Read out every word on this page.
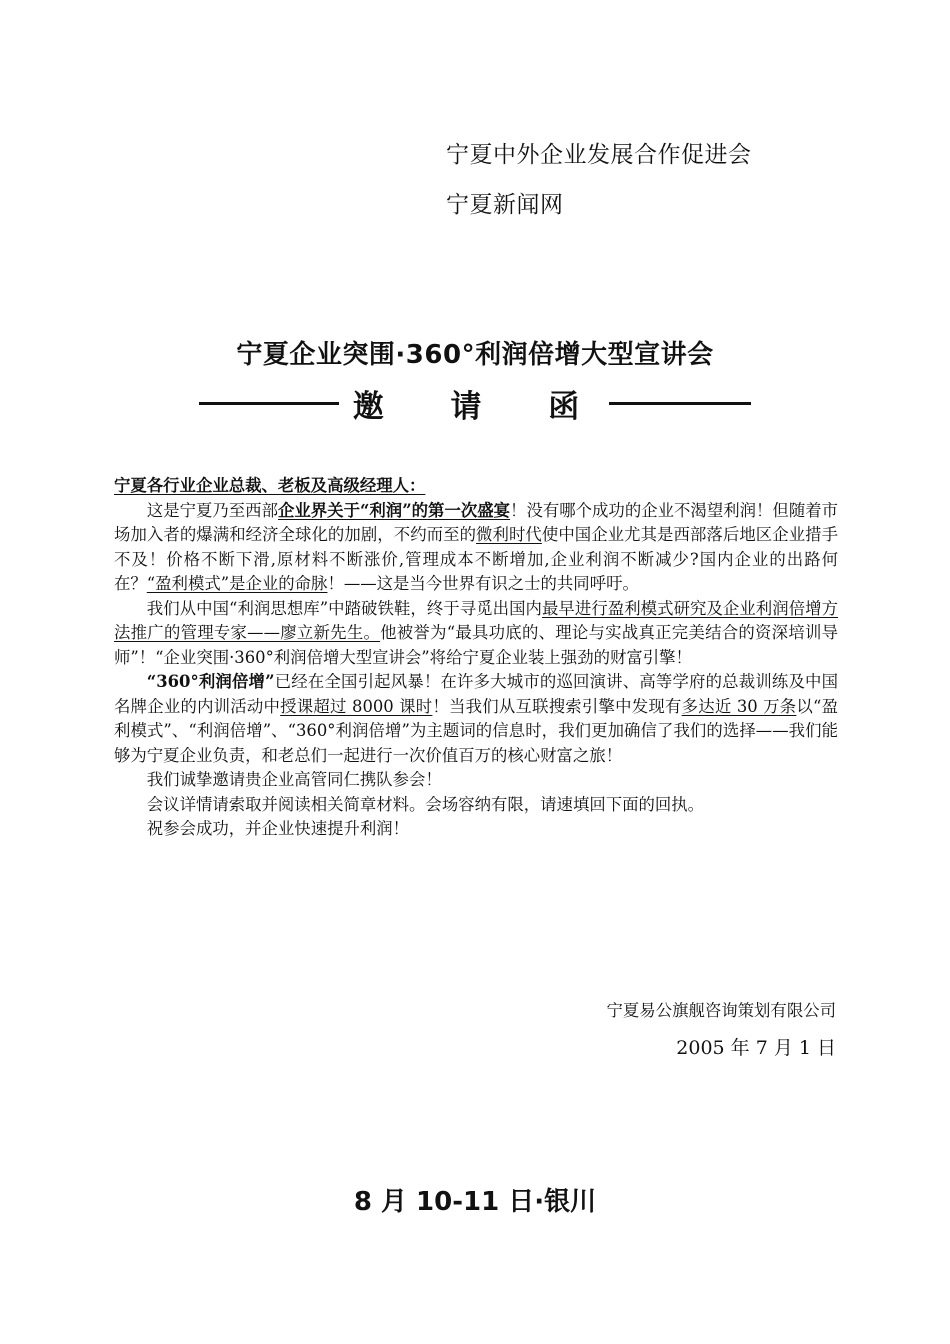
宁夏中外企业发展合作促进会
宁夏新闻网
宁夏企业突围·360°利润倍增大型宣讲会
邀 请 函

宁夏各行业企业总裁、老板及高级经理人：

这是宁夏乃至西部企业界关于“利润”的第一次盛宴！没有哪个成功的企业不渴望利润！但随着市场加入者的爆满和经济全球化的加剧，不约而至的微利时代使中国企业尤其是西部落后地区企业措手不及！价格不断下滑,原材料不断涨价,管理成本不断增加,企业利润不断减少?国内企业的出路何在？“盈利模式”是企业的命脉！——这是当今世界有识之士的共同呼吁。

我们从中国“利润思想库”中踏破铁鞋，终于寻觅出国内最早进行盈利模式研究及企业利润倍增方法推广的管理专家——廖立新先生。他被誉为“最具功底的、理论与实战真正完美结合的资深培训导师”！“企业突围·360°利润倍增大型宣讲会”将给宁夏企业装上强劲的财富引擎！

“360°利润倍增”已经在全国引起风暴！在许多大城市的巡回演讲、高等学府的总裁训练及中国名牌企业的内训活动中授课超过 8000 课时！当我们从互联搜索引擎中发现有多达近 30 万条以“盈利模式”、“利润倍增”、“360°利润倍增”为主题词的信息时，我们更加确信了我们的选择——我们能够为宁夏企业负责，和老总们一起进行一次价值百万的核心财富之旅！

我们诚挚邀请贵企业高管同仁携队参会！

会议详情请索取并阅读相关简章材料。会场容纳有限，请速填回下面的回执。

祝参会成功，并企业快速提升利润！

宁夏易公旗舰咨询策划有限公司
2005 年 7 月 1 日
8 月 10-11 日·银川
